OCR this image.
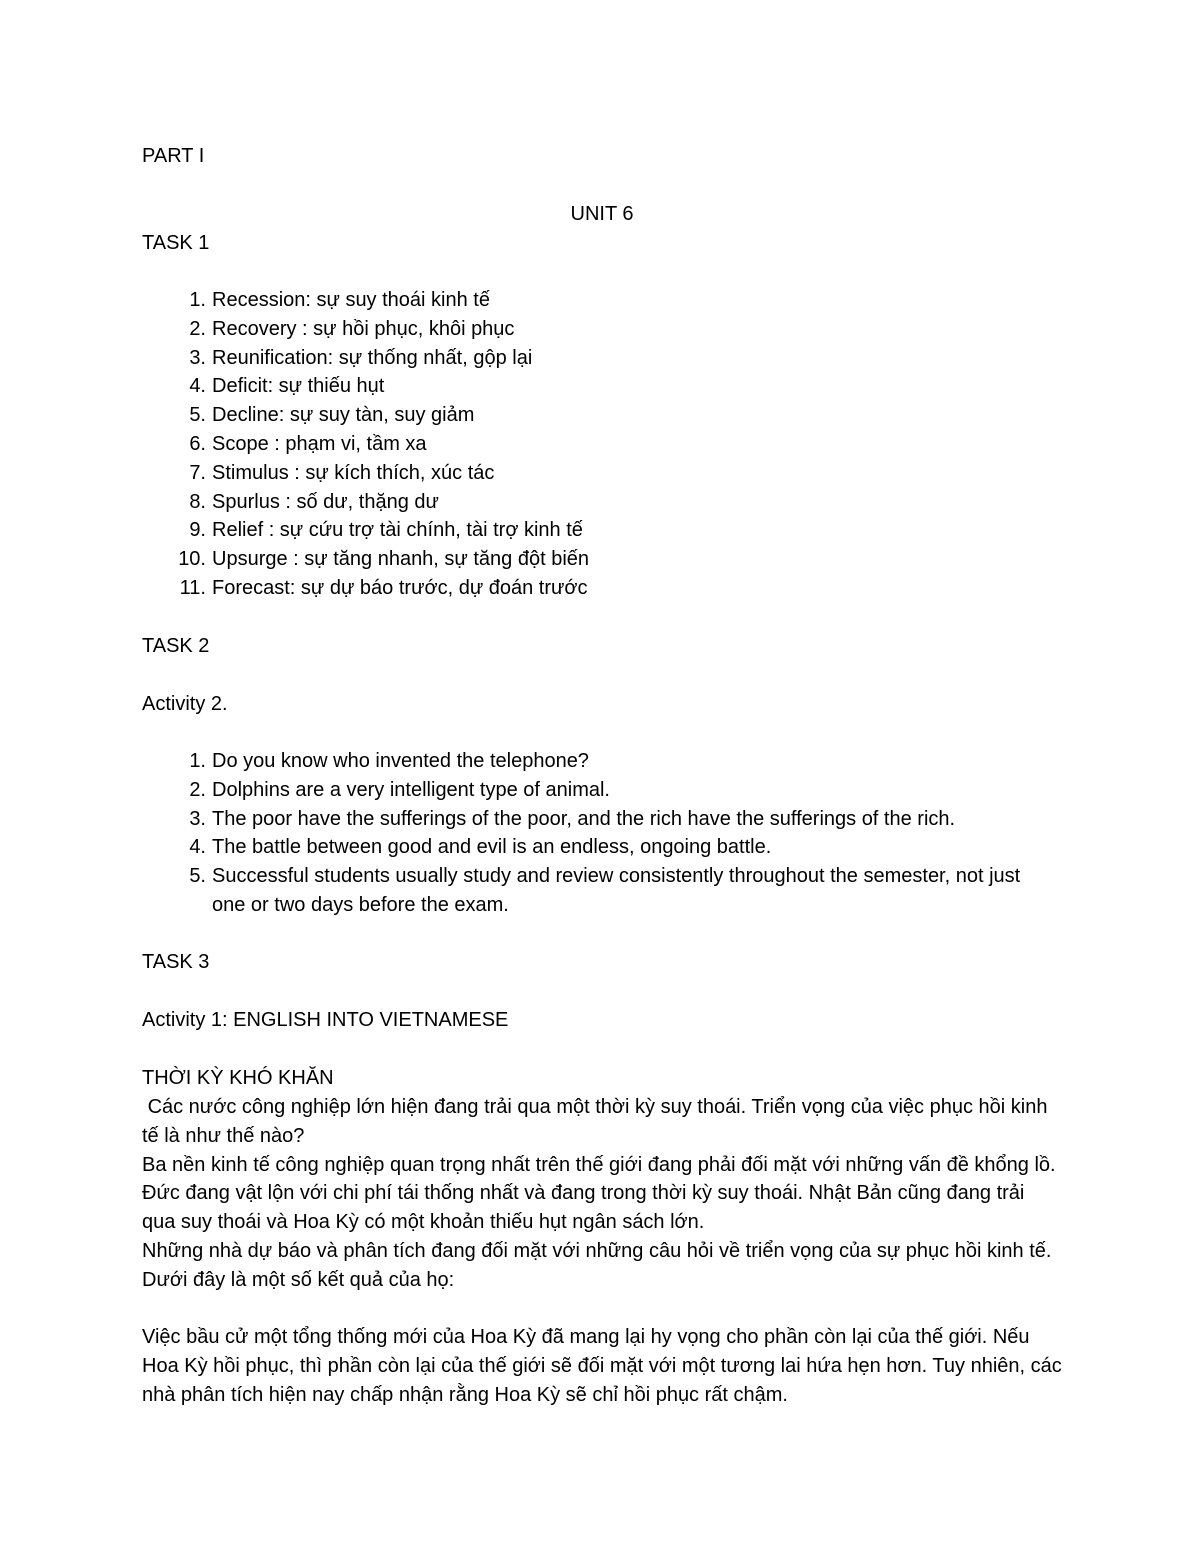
PART I
UNIT 6
TASK 1
1. Recession: sự suy thoái kinh tế
2. Recovery : sự hồi phục, khôi phục
3. Reunification: sự thống nhất, gộp lại
4. Deficit: sự thiếu hụt
5. Decline: sự suy tàn, suy giảm
6. Scope : phạm vi, tầm xa
7. Stimulus : sự kích thích, xúc tác
8. Spurlus : số dư, thặng dư
9. Relief : sự cứu trợ tài chính, tài trợ kinh tế
10. Upsurge : sự tăng nhanh, sự tăng đột biến
11. Forecast: sự dự báo trước, dự đoán trước
TASK 2
Activity 2.
1. Do you know who invented the telephone?
2. Dolphins are a very intelligent type of animal.
3. The poor have the sufferings of the poor, and the rich have the sufferings of the rich.
4. The battle between good and evil is an endless, ongoing battle.
5. Successful students usually study and review consistently throughout the semester, not just one or two days before the exam.
TASK 3
Activity 1: ENGLISH INTO VIETNAMESE
THỜI KỲ KHÓ KHĂN

Các nước công nghiệp lớn hiện đang trải qua một thời kỳ suy thoái. Triển vọng của việc phục hồi kinh tế là như thế nào?

Ba nền kinh tế công nghiệp quan trọng nhất trên thế giới đang phải đối mặt với những vấn đề khổng lồ. Đức đang vật lộn với chi phí tái thống nhất và đang trong thời kỳ suy thoái. Nhật Bản cũng đang trải qua suy thoái và Hoa Kỳ có một khoản thiếu hụt ngân sách lớn.

Những nhà dự báo và phân tích đang đối mặt với những câu hỏi về triển vọng của sự phục hồi kinh tế. Dưới đây là một số kết quả của họ:

Việc bầu cử một tổng thống mới của Hoa Kỳ đã mang lại hy vọng cho phần còn lại của thế giới. Nếu Hoa Kỳ hồi phục, thì phần còn lại của thế giới sẽ đối mặt với một tương lai hứa hẹn hơn. Tuy nhiên, các nhà phân tích hiện nay chấp nhận rằng Hoa Kỳ sẽ chỉ hồi phục rất chậm.
